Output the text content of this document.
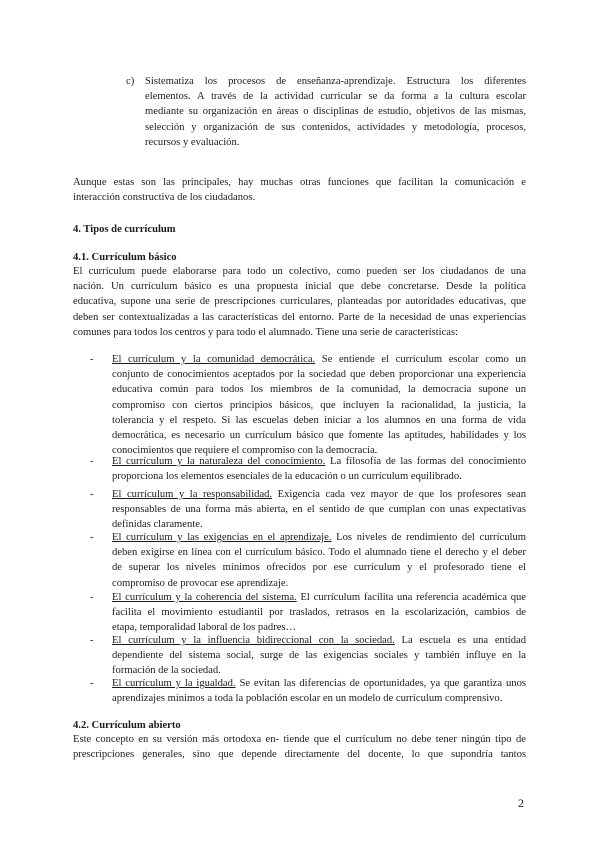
c) Sistematiza los procesos de enseñanza-aprendizaje. Estructura los diferentes

elementos. A través de la actividad curricular se da forma a la cultura escolar

mediante su organización en áreas o disciplinas de estudio, objetivos de las mismas,

selección y organización de sus contenidos, actividades y metodología, procesos,

recursos y evaluación.

Aunque estas son las principales, hay muchas otras funciones que facilitan la comunicación e

interacción constructiva de los ciudadanos.

4. Tipos de currículum
4.1. Currículum básico

El currículum puede elaborarse para todo un colectivo, como pueden ser los ciudadanos de una

nación. Un currículum básico es una propuesta inicial que debe concretarse. Desde la política

educativa, supone una serie de prescripciones curriculares, planteadas por autoridades educativas, que

deben ser contextualizadas a las características del entorno. Parte de la necesidad de unas experiencias

comunes para todos los centros y para todo el alumnado. Tiene una serie de características:

-	El currículum y la comunidad democrática. Se entiende el currículum escolar como un

conjunto de conocimientos aceptados por la sociedad que deben proporcionar una experiencia

educativa común para todos los miembros de la comunidad, la democracia supone un

compromiso con ciertos principios básicos, que incluyen la racionalidad, la justicia, la

tolerancia y el respeto. Si las escuelas deben iniciar a los alumnos en una forma de vida

democrática, es necesario un currículum básico que fomente las aptitudes, habilidades y los

conocimientos que requiere el compromiso con la democracia.

-	El currículum y la naturaleza del conocimiento. La filosofía de las formas del conocimiento

proporciona los elementos esenciales de la educación o un currículum equilibrado.

-	El currículum y la responsabilidad. Exigencia cada vez mayor de que los profesores sean

responsables de una forma más abierta, en el sentido de que cumplan con unas expectativas

definidas claramente.

-	El currículum y las exigencias en el aprendizaje. Los niveles de rendimiento del currículum

deben exigirse en línea con el currículum básico. Todo el alumnado tiene el derecho y el deber

de superar los niveles mínimos ofrecidos por ese currículum y el profesorado tiene el

compromiso de provocar ese aprendizaje.

-	El currículum y la coherencia del sistema. El currículum facilita una referencia académica que

facilita el movimiento estudiantil por traslados, retrasos en la escolarización, cambios de

etapa, temporalidad laboral de los padres…

-	El currículum y la influencia bidireccional con la sociedad. La escuela es una entidad

dependiente del sistema social, surge de las exigencias sociales y también influye en la

formación de la sociedad.

-	El currículum y la igualdad. Se evitan las diferencias de oportunidades, ya que garantiza unos

aprendizajes mínimos a toda la población escolar en un modelo de currículum comprensivo.

4.2. Currículum abierto

Este concepto en su versión más ortodoxa en- tiende que el currículum no debe tener ningún tipo de

prescripciones generales, sino que depende directamente del docente, lo que supondría tantos

2
